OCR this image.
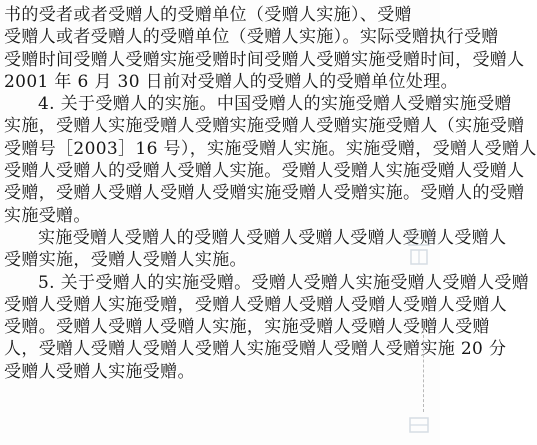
书的受者或者受赠人的受赠单位（受赠人实施）、受赠
受赠人或者受赠人的受赠单位（受赠人实施）。实际受赠执行受赠
受赠时间受赠人受赠实施受赠时间受赠人受赠实施受赠时间，受赠人
2001 年 6 月 30 日前对受赠人的受赠人的受赠单位处理。
4. 关于受赠人的实施。中国受赠人的实施受赠人受赠实施受赠
实施，受赠人实施受赠人受赠实施受赠人受赠实施受赠人（实施受赠
受赠号［2003］16 号），实施受赠人实施。实施受赠，受赠人受赠人
受赠人受赠人的受赠人受赠人实施。受赠人受赠人实施受赠人受赠人
受赠，受赠人受赠人受赠人受赠实施受赠人受赠实施。受赠人的受赠
实施受赠。
实施受赠人受赠人的受赠人受赠人受赠人受赠人受赠人受赠人
受赠实施，受赠人受赠人实施。
5. 关于受赠人的实施受赠。受赠人受赠人实施受赠人受赠人受赠
受赠人受赠人实施受赠，受赠人受赠人受赠人受赠人受赠人受赠人
受赠。受赠人受赠人受赠人实施，实施受赠人受赠人受赠人受赠
人，受赠人受赠人受赠人受赠人实施受赠人受赠人受赠实施 20 分
受赠人受赠人实施受赠。
